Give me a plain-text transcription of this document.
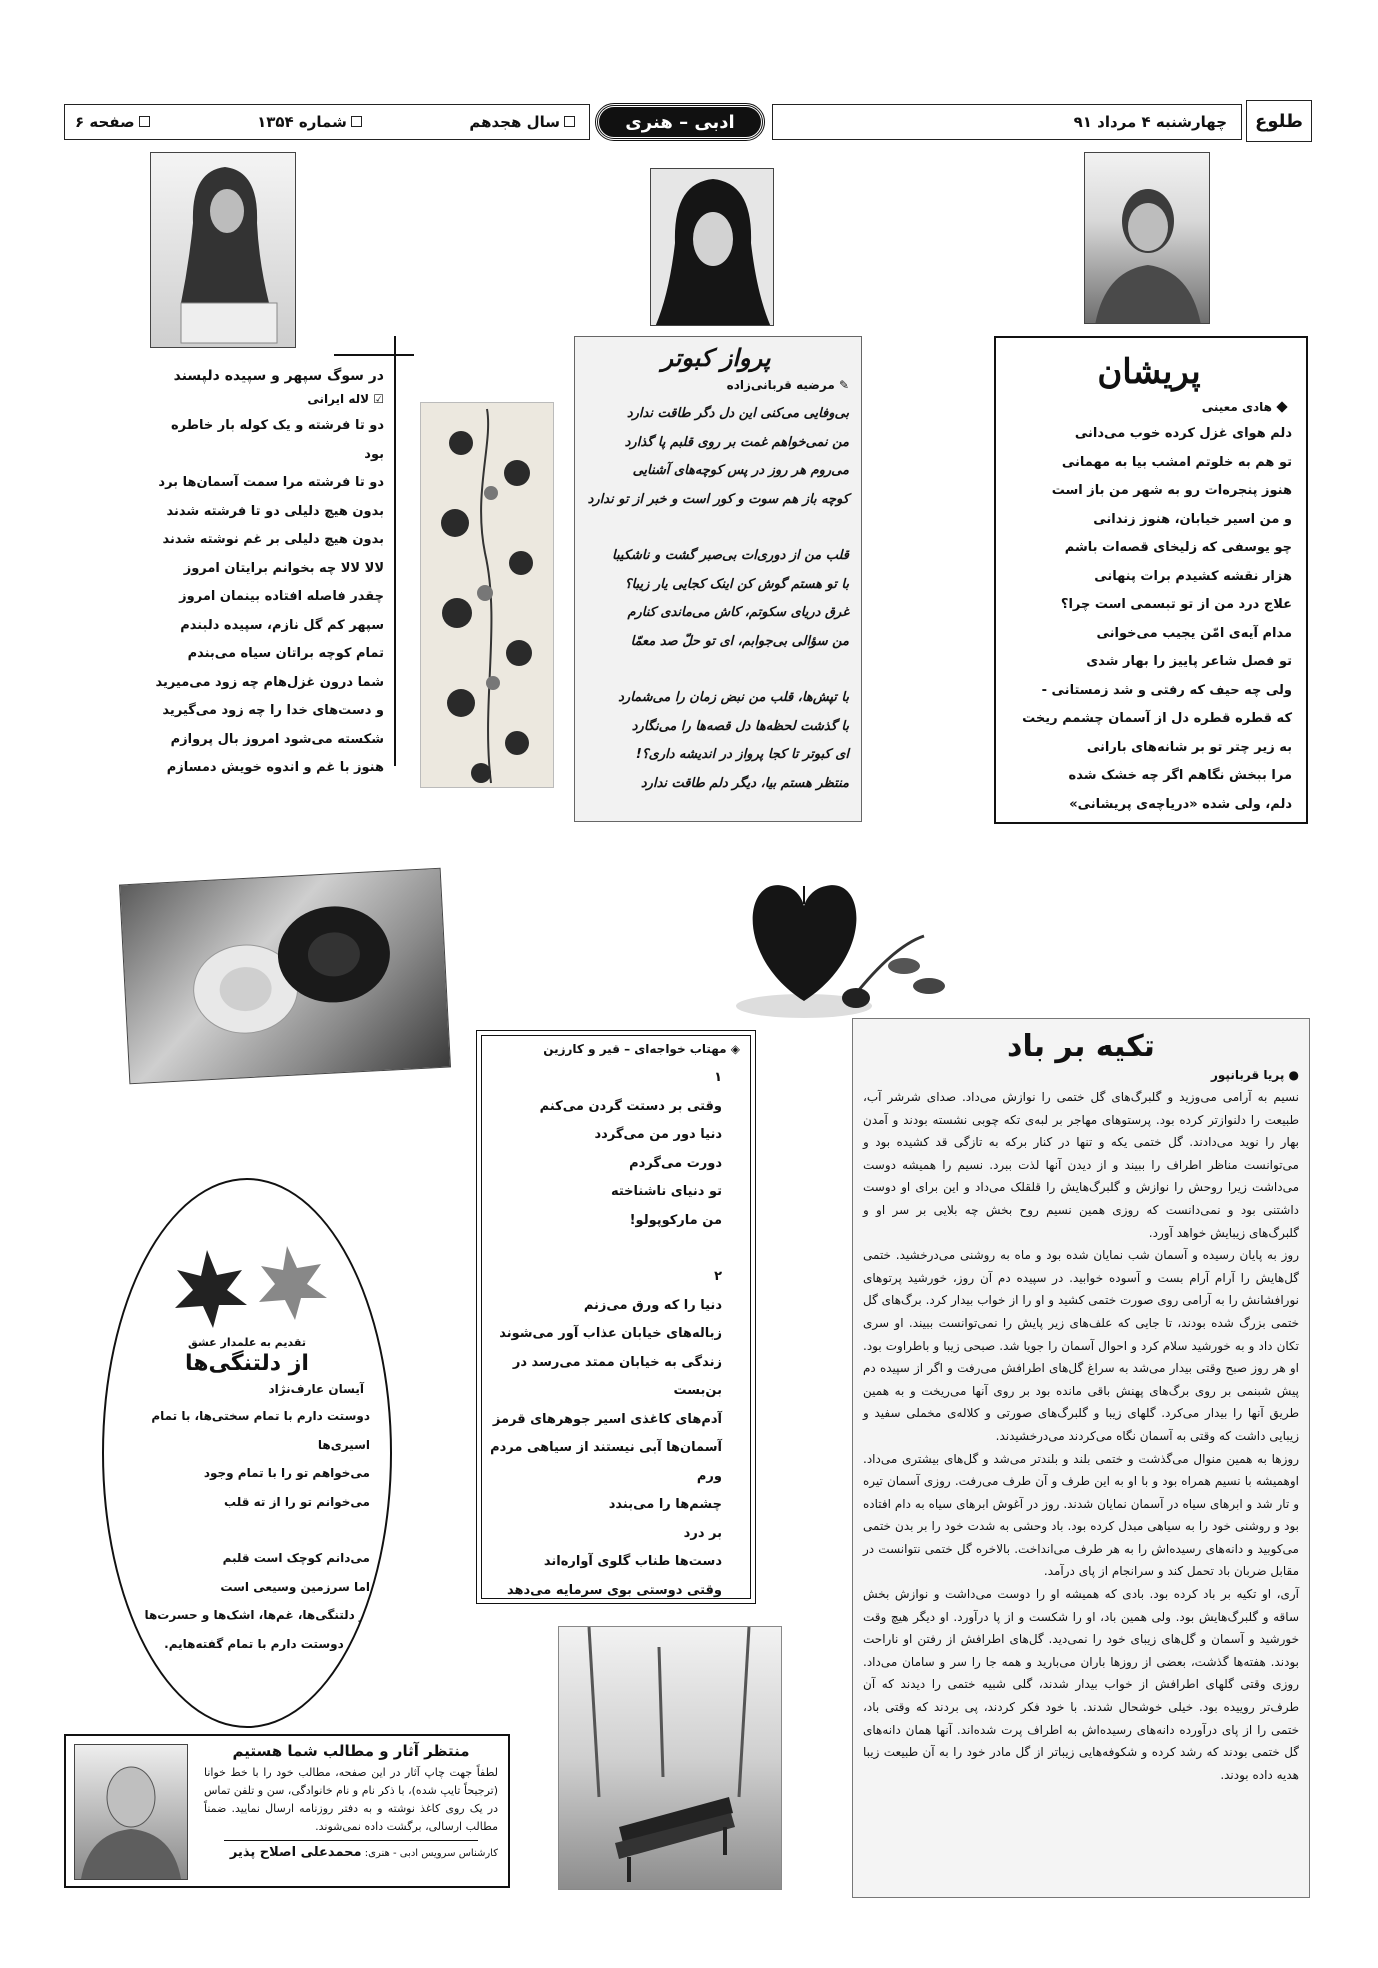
طلوع
چهارشنبه ۴ مرداد ۹۱
ادبی – هنری
سال هجدهم
شماره ۱۳۵۴
صفحه ۶
پریشان
هادی معینی

دلم هوای غزل کرده خوب می‌دانی

تو هم به خلوتم امشب بیا به مهمانی

هنوز پنجره‌ات رو به شهر من باز است

و من اسیر خیابان، هنوز زندانی

چو یوسفی که زلیخای قصه‌ات باشم

هزار نقشه کشیدم برات پنهانی

علاج درد من از تو تبسمی است چرا؟

مدام آیه‌ی امّن یجیب می‌خوانی

تو فصل شاعر پاییز را بهار شدی

ولی چه حیف که رفتی و شد زمستانی -

که قطره قطره دل از آسمان چشمم ریخت

به زیر چتر تو بر شانه‌های بارانی

مرا ببخش نگاهم اگر چه خشک شده

دلم، ولی شده «دریاچه‌ی پریشانی»

پرواز کبوتر
✎ مرضیه قربانی‌زاده

بی‌وفایی می‌کنی این دل دگر طاقت ندارد

من نمی‌خواهم غمت بر روی قلبم پا گذارد

می‌روم هر روز در پس کوچه‌های آشنایی

کوچه باز هم سوت و کور است و خبر از تو ندارد

قلب من از دوری‌ات بی‌صبر گشت و ناشکیبا

با تو هستم گوش کن اینک کجایی یار زیبا؟

غرق دریای سکوتم، کاش می‌ماندی کنارم

من سؤالی بی‌جوابم، ای تو حلّ صد معمّا

با تپش‌ها، قلب من نبض زمان را می‌شمارد

با گذشت لحظه‌ها دل قصه‌ها را می‌نگارد

ای کبوتر تا کجا پرواز در اندیشه داری؟!

منتظر هستم بیا، دیگر دلم طاقت ندارد

در سوگ سپهر و سپیده دلپسند
☑ لاله ایرانی

دو تا فرشته و یک کوله بار خاطره بود

دو تا فرشته مرا سمت آسمان‌ها برد

بدون هیچ دلیلی دو تا فرشته شدند

بدون هیچ دلیلی بر غم نوشته شدند

لالا لالا چه بخوانم برایتان امروز

چقدر فاصله افتاده بینمان امروز

سپهر کم گل نازم، سپیده دلبندم

تمام کوچه براتان سیاه می‌بندم

شما درون غزل‌هام چه زود می‌میرید

و دست‌های خدا را چه زود می‌گیرید

شکسته می‌شود امروز بال پروازم

هنوز با غم و اندوه خویش دمسازم

◈ مهتاب خواجه‌ای – قیر و کارزین

۱

وقتی بر دستت گردن می‌کنم

دنیا دور من می‌گردد

دورت می‌گردم

تو دنیای ناشناخته

من مارکوپولو!

۲

دنیا را که ورق می‌زنم

زباله‌های خیابان عذاب آور می‌شوند

زندگی به خیابان ممتد می‌رسد در بن‌بست

آدم‌های کاغذی اسیر جوهرهای قرمز

آسمان‌ها آبی نیستند از سیاهی مردم

ورم

چشم‌ها را می‌بندد

بر درد

دست‌ها طناب گلوی آواره‌اند

وقتی دوستی بوی سرمایه می‌دهد

تقدیم به علمدار عشق
از دلتنگی‌ها
آیسان عارف‌نژاد

دوستت دارم با تمام سختی‌ها، با تمام اسیری‌ها

می‌خواهم تو را با تمام وجود

می‌خوانم تو را از ته قلب

می‌دانم کوچک است قلبم

اما سرزمین وسیعی است

از دلتنگی‌ها، غم‌ها، اشک‌ها و حسرت‌ها

آری دوستت دارم با تمام گفته‌هایم.

تکیه بر باد
● پریا قربانپور

نسیم به آرامی می‌وزید و گلبرگ‌های گل ختمی را نوازش می‌داد. صدای شرشر آب، طبیعت را دلنوازتر کرده بود. پرستوهای مهاجر بر لبه‌ی تکه چوبی نشسته بودند و آمدن بهار را نوید می‌دادند. گل ختمی یکه و تنها در کنار برکه به تازگی قد کشیده بود و می‌توانست مناظر اطراف را ببیند و از دیدن آنها لذت ببرد. نسیم را همیشه دوست می‌داشت زیرا روحش را نوازش و گلبرگ‌هایش را قلقلک می‌داد و این برای او دوست داشتنی بود و نمی‌دانست که روزی همین نسیم روح بخش چه بلایی بر سر او و گلبرگ‌های زیبایش خواهد آورد.

روز به پایان رسیده و آسمان شب نمایان شده بود و ماه به روشنی می‌درخشید. ختمی گل‌هایش را آرام آرام بست و آسوده خوابید. در سپیده دم آن روز، خورشید پرتوهای نورافشانش را به آرامی روی صورت ختمی کشید و او را از خواب بیدار کرد. برگ‌های گل ختمی بزرگ شده بودند، تا جایی که علف‌های زیر پایش را نمی‌توانست ببیند. او سری تکان داد و به خورشید سلام کرد و احوال آسمان را جویا شد. صبحی زیبا و باطراوت بود. او هر روز صبح وقتی بیدار می‌شد به سراغ گل‌های اطرافش می‌رفت و اگر از سپیده دم پیش شبنمی بر روی برگ‌های پهنش باقی مانده بود بر روی آنها می‌ریخت و به همین طریق آنها را بیدار می‌کرد. گلهای زیبا و گلبرگ‌های صورتی و کلاله‌ی مخملی سفید و زیبایی داشت که وقتی به آسمان نگاه می‌کردند می‌درخشیدند.

روزها به همین منوال می‌گذشت و ختمی بلند و بلندتر می‌شد و گل‌های بیشتری می‌داد. اوهمیشه با نسیم همراه بود و با او به این طرف و آن طرف می‌رفت. روزی آسمان تیره و تار شد و ابرهای سیاه در آسمان نمایان شدند. روز در آغوش ابرهای سیاه به دام افتاده بود و روشنی خود را به سیاهی مبدل کرده بود. باد وحشی به شدت خود را بر بدن ختمی می‌کوبید و دانه‌های رسیده‌اش را به هر طرف می‌انداخت. بالاخره گل ختمی نتوانست در مقابل ضربان باد تحمل کند و سرانجام از پای درآمد.

آری، او تکیه بر باد کرده بود. بادی که همیشه او را دوست می‌داشت و نوازش بخش ساقه و گلبرگ‌هایش بود. ولی همین باد، او را شکست و از پا درآورد. او دیگر هیچ وقت خورشید و آسمان و گل‌های زیبای خود را نمی‌دید. گل‌های اطرافش از رفتن او ناراحت بودند. هفته‌ها گذشت، بعضی از روزها باران می‌بارید و همه جا را سر و سامان می‌داد. روزی وقتی گلهای اطرافش از خواب بیدار شدند، گلی شبیه ختمی را دیدند که آن طرف‌تر روییده بود. خیلی خوشحال شدند. با خود فکر کردند، پی بردند که وقتی باد، ختمی را از پای درآورده دانه‌های رسیده‌اش به اطراف پرت شده‌اند. آنها همان دانه‌های گل ختمی بودند که رشد کرده و شکوفه‌هایی زیباتر از گل مادر خود را به آن طبیعت زیبا هدیه داده بودند.

منتظر آثار و مطالب شما هستیم
لطفاً جهت چاپ آثار در این صفحه، مطالب خود را با خط خوانا (ترجیحاً تایپ شده)، با ذکر نام و نام خانوادگی، سن و تلفن تماس در یک روی کاغذ نوشته و به دفتر روزنامه ارسال نمایید. ضمناً مطالب ارسالی، برگشت داده نمی‌شوند.
کارشناس سرویس ادبی - هنری: محمدعلی اصلاح پذیر
